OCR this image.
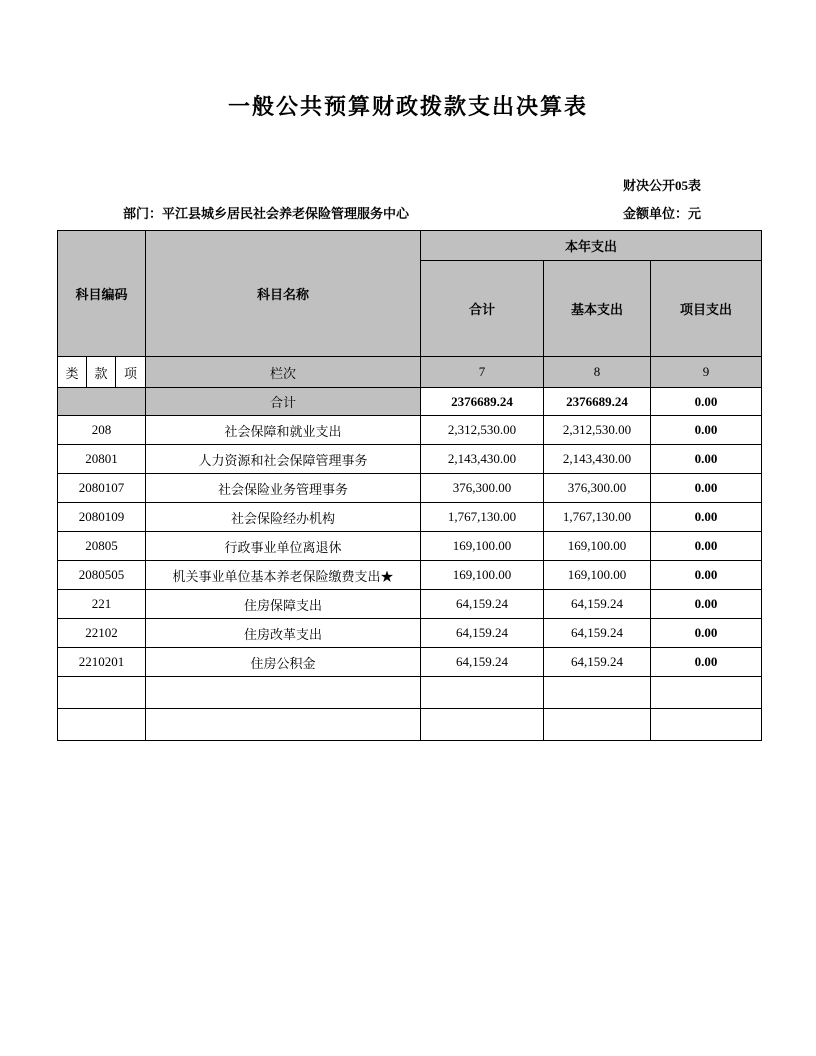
一般公共预算财政拨款支出决算表
财决公开05表
部门：平江县城乡居民社会养老保险管理服务中心	金额单位：元
科目编码			科目名称	本年支出		
				合计	基本支出	项目支出
类	款	项	栏次	7	8	9
			合计	2376689.24	2376689.24	0.00
208			社会保障和就业支出	2,312,530.00	2,312,530.00	0.00
20801			人力资源和社会保障管理事务	2,143,430.00	2,143,430.00	0.00
2080107			社会保险业务管理事务	376,300.00	376,300.00	0.00
2080109			社会保险经办机构	1,767,130.00	1,767,130.00	0.00
20805			行政事业单位离退休	169,100.00	169,100.00	0.00
2080505			机关事业单位基本养老保险缴费支出★	169,100.00	169,100.00	0.00
221			住房保障支出	64,159.24	64,159.24	0.00
22102			住房改革支出	64,159.24	64,159.24	0.00
2210201			住房公积金	64,159.24	64,159.24	0.00
